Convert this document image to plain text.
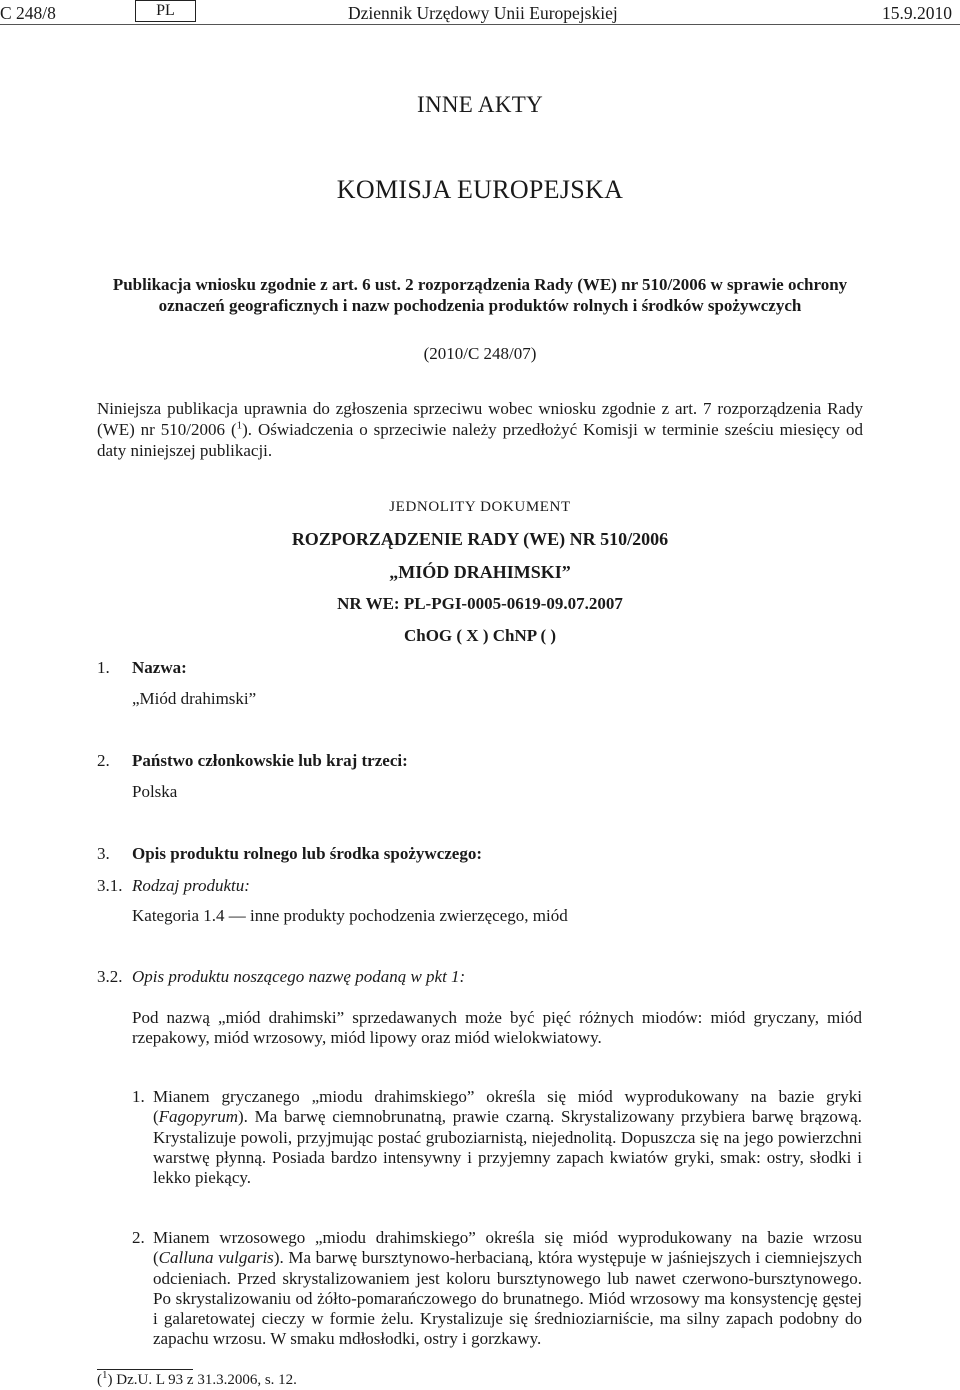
C 248/8	PL	Dziennik Urzędowy Unii Europejskiej	15.9.2010
INNE AKTY
KOMISJA EUROPEJSKA
Publikacja wniosku zgodnie z art. 6 ust. 2 rozporządzenia Rady (WE) nr 510/2006 w sprawie ochrony oznaczeń geograficznych i nazw pochodzenia produktów rolnych i środków spożywczych
(2010/C 248/07)
Niniejsza publikacja uprawnia do zgłoszenia sprzeciwu wobec wniosku zgodnie z art. 7 rozporządzenia Rady (WE) nr 510/2006 ($^1$). Oświadczenia o sprzeciwie należy przedłożyć Komisji w terminie sześciu miesięcy od daty niniejszej publikacji.
JEDNOLITY DOKUMENT
ROZPORZĄDZENIE RADY (WE) NR 510/2006
„MIÓD DRAHIMSKI”
NR WE: PL-PGI-0005-0619-09.07.2007
ChOG ( X ) ChNP ( )
1. Nazwa:
„Miód drahimski”
2. Państwo członkowskie lub kraj trzeci:
Polska
3. Opis produktu rolnego lub środka spożywczego:
3.1. Rodzaj produktu:
Kategoria 1.4 — inne produkty pochodzenia zwierzęcego, miód
3.2. Opis produktu noszącego nazwę podaną w pkt 1:
Pod nazwą „miód drahimski” sprzedawanych może być pięć różnych miodów: miód gryczany, miód rzepakowy, miód wrzosowy, miód lipowy oraz miód wielokwiatowy.
1. Mianem gryczanego „miodu drahimskiego” określa się miód wyprodukowany na bazie gryki (Fagopyrum). Ma barwę ciemnobrunatną, prawie czarną. Skrystalizowany przybiera barwę brązową. Krystalizuje powoli, przyjmując postać gruboziarnistą, niejednolitą. Dopuszcza się na jego powierzchni warstwę płynną. Posiada bardzo intensywny i przyjemny zapach kwiatów gryki, smak: ostry, słodki i lekko piekący.
2. Mianem wrzosowego „miodu drahimskiego” określa się miód wyprodukowany na bazie wrzosu (Calluna vulgaris). Ma barwę bursztynowo-herbacianą, która występuje w jaśniejszych i ciemniejszych odcieniach. Przed skrystalizowaniem jest koloru bursztynowego lub nawet czerwono-bursztynowego. Po skrystalizowaniu od żółto-pomarańczowego do brunatnego. Miód wrzosowy ma konsystencję gęstej i galaretowatej cieczy w formie żelu. Krystalizuje się średnioziarniście, ma silny zapach podobny do zapachu wrzosu. W smaku mdłosłodki, ostry i gorzkawy.
($^1$) Dz.U. L 93 z 31.3.2006, s. 12.
